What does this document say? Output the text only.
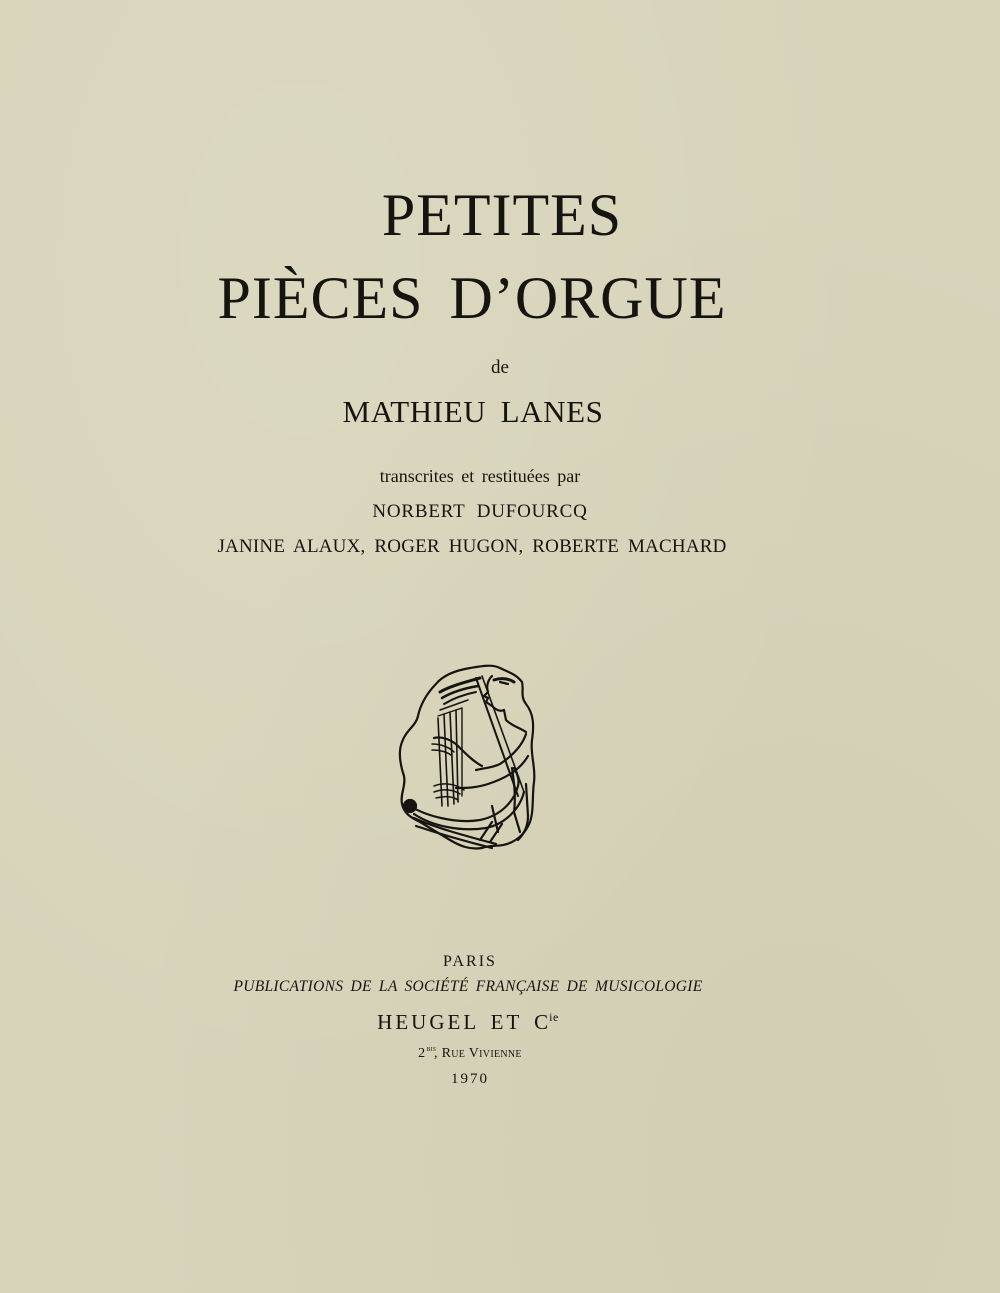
PETITES
PIÈCES D’ORGUE
de
MATHIEU LANES
transcrites et restituées par
NORBERT DUFOURCQ
JANINE ALAUX, ROGER HUGON, ROBERTE MACHARD
PARIS
PUBLICATIONS DE LA SOCIÉTÉ FRANÇAISE DE MUSICOLOGIE
HEUGEL ET $C^{ie}$
$2^{bis}$, Rue Vivienne
1970
